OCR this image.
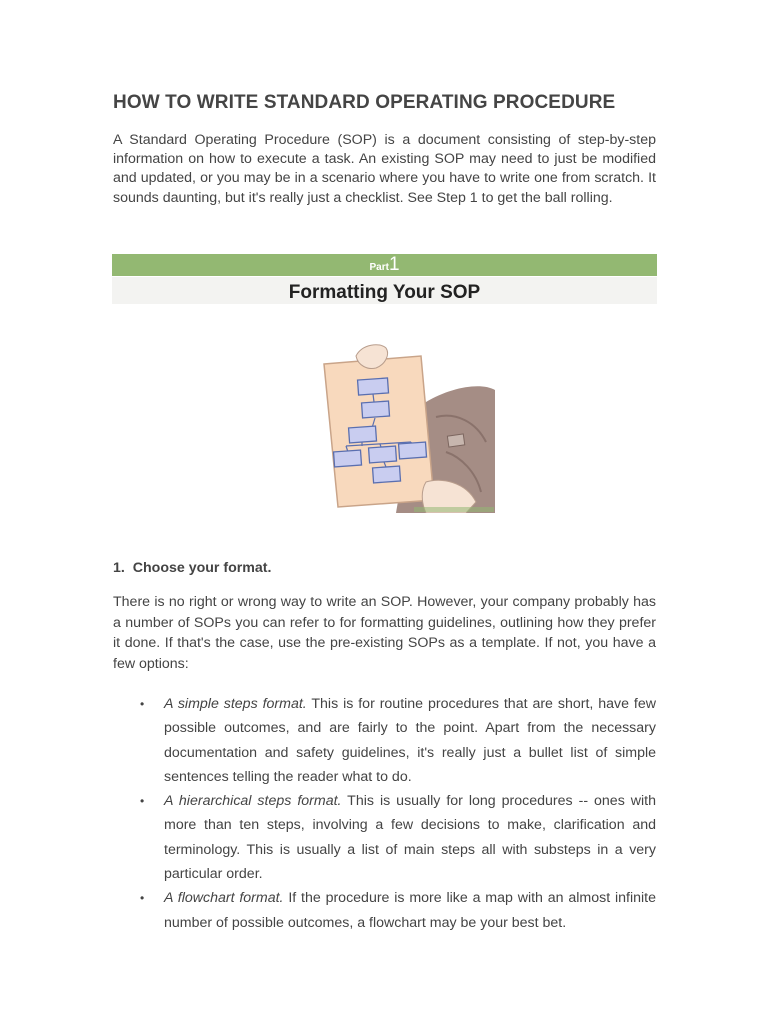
HOW TO WRITE STANDARD OPERATING PROCEDURE

A Standard Operating Procedure (SOP) is a document consisting of step-by-step information on how to execute a task. An existing SOP may need to just be modified and updated, or you may be in a scenario where you have to write one from scratch. It sounds daunting, but it's really just a checklist. See Step 1 to get the ball rolling.

Part1
Formatting Your SOP
1. Choose your format.

There is no right or wrong way to write an SOP. However, your company probably has a number of SOPs you can refer to for formatting guidelines, outlining how they prefer it done. If that's the case, use the pre-existing SOPs as a template. If not, you have a few options:

• A simple steps format. This is for routine procedures that are short, have few possible outcomes, and are fairly to the point. Apart from the necessary documentation and safety guidelines, it's really just a bullet list of simple sentences telling the reader what to do.
• A hierarchical steps format. This is usually for long procedures -- ones with more than ten steps, involving a few decisions to make, clarification and terminology. This is usually a list of main steps all with substeps in a very particular order.
• A flowchart format. If the procedure is more like a map with an almost infinite number of possible outcomes, a flowchart may be your best bet.
